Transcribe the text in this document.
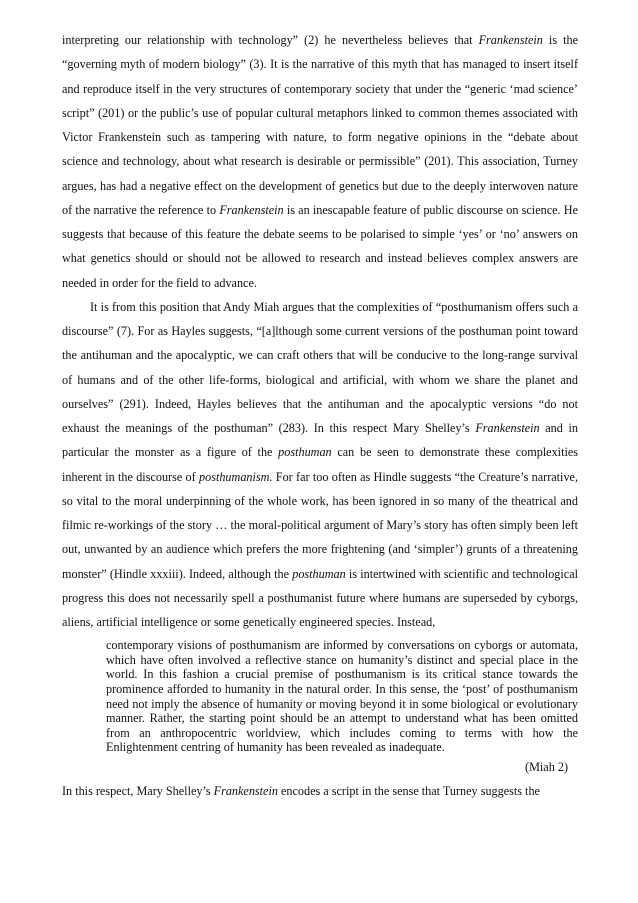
interpreting our relationship with technology” (2) he nevertheless believes that Frankenstein is the “governing myth of modern biology” (3). It is the narrative of this myth that has managed to insert itself and reproduce itself in the very structures of contemporary society that under the “generic ‘mad science’ script” (201) or the public’s use of popular cultural metaphors linked to common themes associated with Victor Frankenstein such as tampering with nature, to form negative opinions in the “debate about science and technology, about what research is desirable or permissible” (201). This association, Turney argues, has had a negative effect on the development of genetics but due to the deeply interwoven nature of the narrative the reference to Frankenstein is an inescapable feature of public discourse on science. He suggests that because of this feature the debate seems to be polarised to simple ‘yes’ or ‘no’ answers on what genetics should or should not be allowed to research and instead believes complex answers are needed in order for the field to advance.

It is from this position that Andy Miah argues that the complexities of “posthumanism offers such a discourse” (7). For as Hayles suggests, “[a]lthough some current versions of the posthuman point toward the antihuman and the apocalyptic, we can craft others that will be conducive to the long-range survival of humans and of the other life-forms, biological and artificial, with whom we share the planet and ourselves” (291). Indeed, Hayles believes that the antihuman and the apocalyptic versions “do not exhaust the meanings of the posthuman” (283). In this respect Mary Shelley’s Frankenstein and in particular the monster as a figure of the posthuman can be seen to demonstrate these complexities inherent in the discourse of posthumanism. For far too often as Hindle suggests “the Creature’s narrative, so vital to the moral underpinning of the whole work, has been ignored in so many of the theatrical and filmic re-workings of the story … the moral-political argument of Mary’s story has often simply been left out, unwanted by an audience which prefers the more frightening (and ‘simpler’) grunts of a threatening monster” (Hindle xxxiii). Indeed, although the posthuman is intertwined with scientific and technological progress this does not necessarily spell a posthumanist future where humans are superseded by cyborgs, aliens, artificial intelligence or some genetically engineered species. Instead,

contemporary visions of posthumanism are informed by conversations on cyborgs or automata, which have often involved a reflective stance on humanity’s distinct and special place in the world. In this fashion a crucial premise of posthumanism is its critical stance towards the prominence afforded to humanity in the natural order. In this sense, the ‘post’ of posthumanism need not imply the absence of humanity or moving beyond it in some biological or evolutionary manner. Rather, the starting point should be an attempt to understand what has been omitted from an anthropocentric worldview, which includes coming to terms with how the Enlightenment centring of humanity has been revealed as inadequate.

(Miah 2)

In this respect, Mary Shelley’s Frankenstein encodes a script in the sense that Turney suggests the
